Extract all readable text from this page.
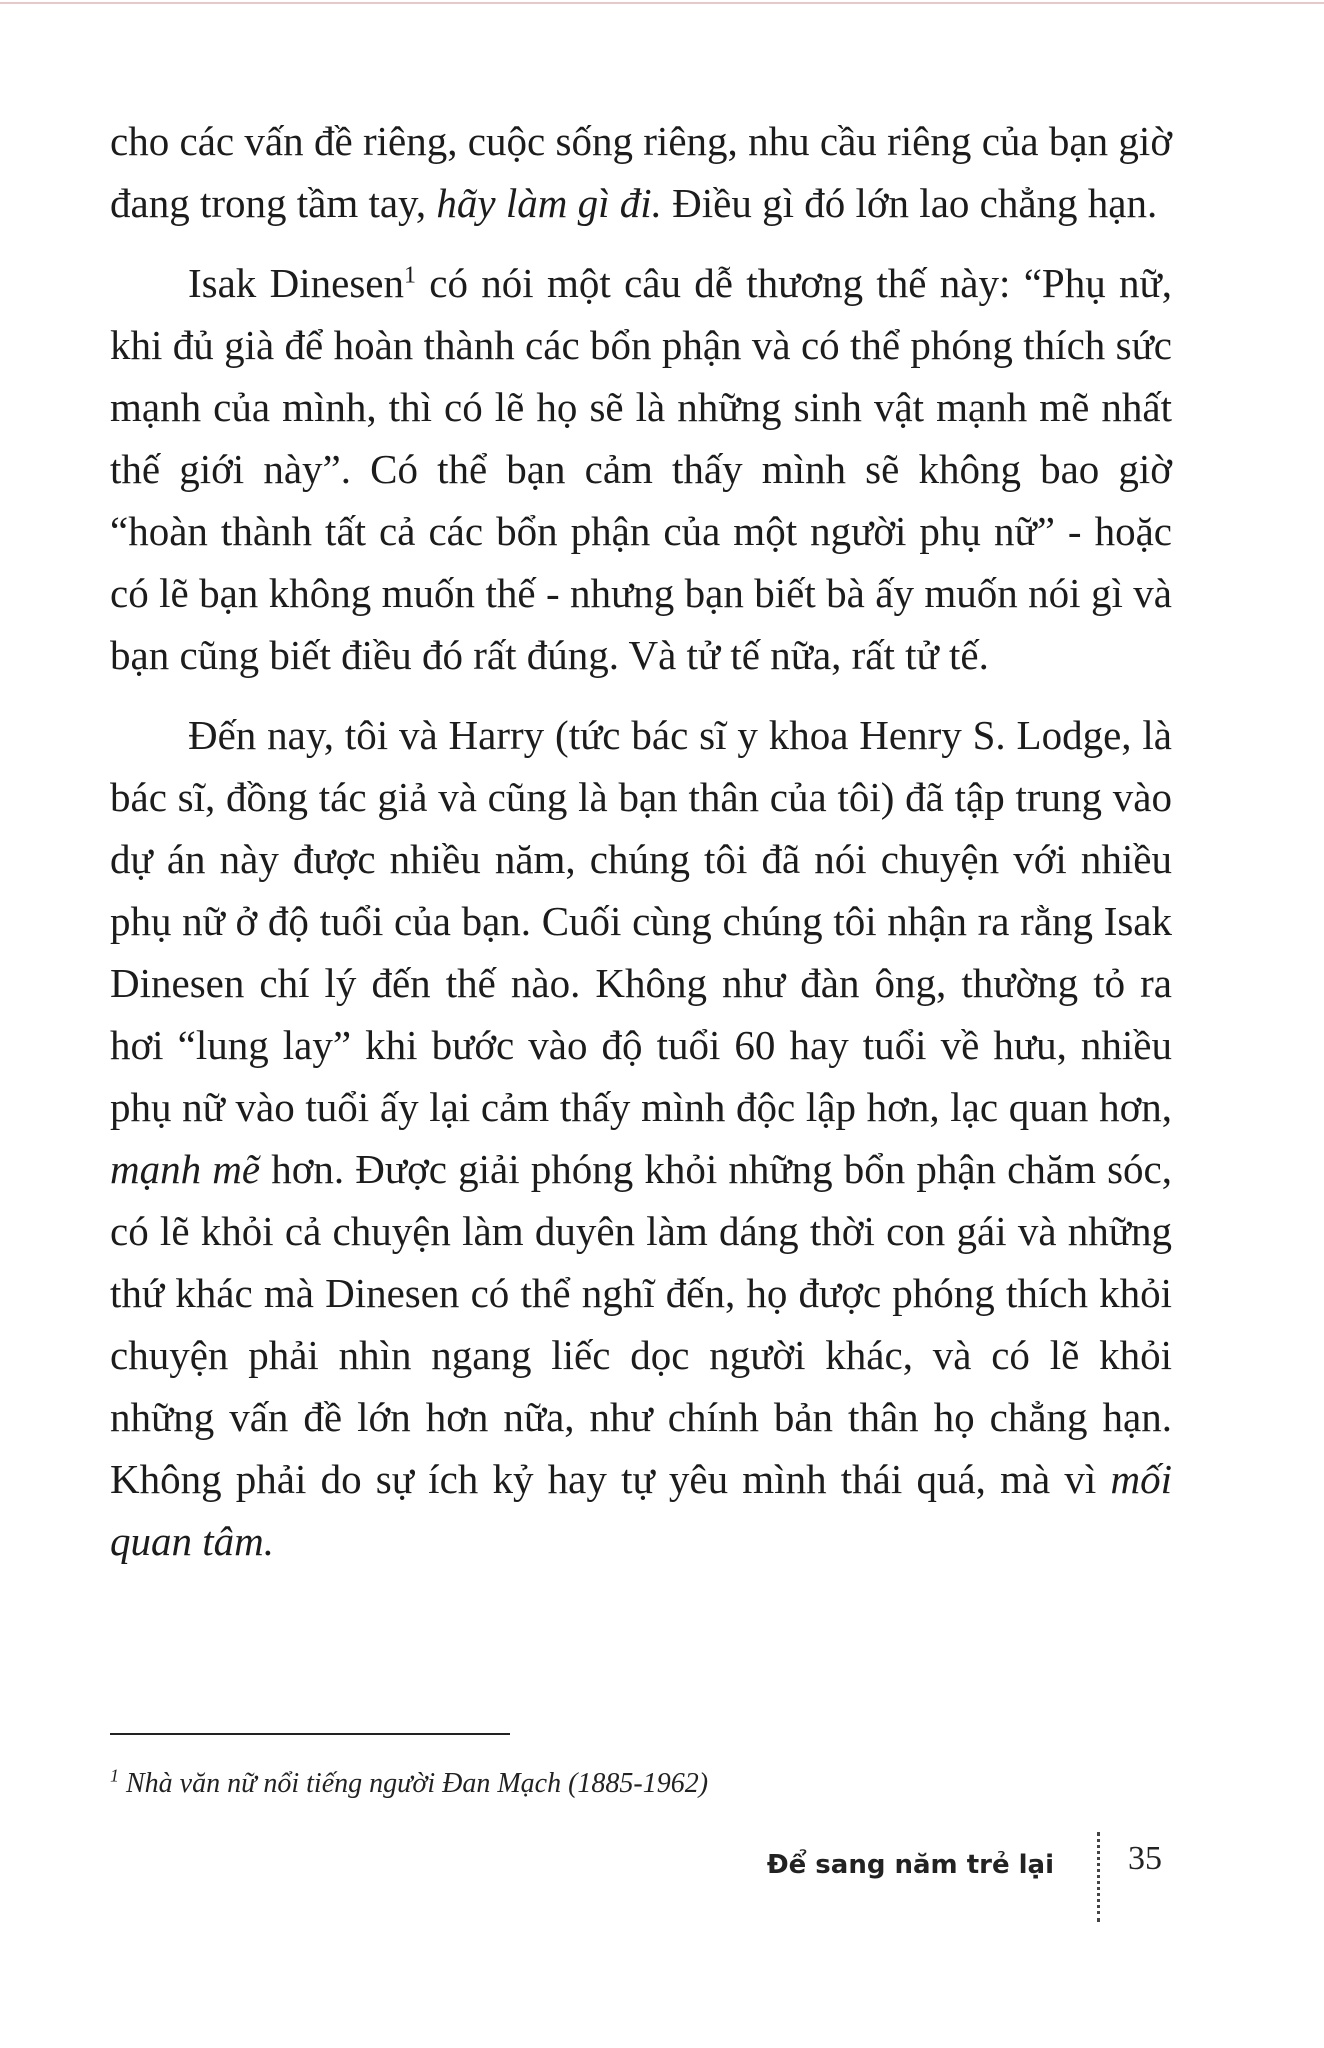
cho các vấn đề riêng, cuộc sống riêng, nhu cầu riêng của bạn giờ đang trong tầm tay, hãy làm gì đi. Điều gì đó lớn lao chẳng hạn.

Isak Dinesen$^1$ có nói một câu dễ thương thế này: “Phụ nữ, khi đủ già để hoàn thành các bổn phận và có thể phóng thích sức mạnh của mình, thì có lẽ họ sẽ là những sinh vật mạnh mẽ nhất thế giới này”. Có thể bạn cảm thấy mình sẽ không bao giờ “hoàn thành tất cả các bổn phận của một người phụ nữ” - hoặc có lẽ bạn không muốn thế - nhưng bạn biết bà ấy muốn nói gì và bạn cũng biết điều đó rất đúng. Và tử tế nữa, rất tử tế.

Đến nay, tôi và Harry (tức bác sĩ y khoa Henry S. Lodge, là bác sĩ, đồng tác giả và cũng là bạn thân của tôi) đã tập trung vào dự án này được nhiều năm, chúng tôi đã nói chuyện với nhiều phụ nữ ở độ tuổi của bạn. Cuối cùng chúng tôi nhận ra rằng Isak Dinesen chí lý đến thế nào. Không như đàn ông, thường tỏ ra hơi “lung lay” khi bước vào độ tuổi 60 hay tuổi về hưu, nhiều phụ nữ vào tuổi ấy lại cảm thấy mình độc lập hơn, lạc quan hơn, mạnh mẽ hơn. Được giải phóng khỏi những bổn phận chăm sóc, có lẽ khỏi cả chuyện làm duyên làm dáng thời con gái và những thứ khác mà Dinesen có thể nghĩ đến, họ được phóng thích khỏi chuyện phải nhìn ngang liếc dọc người khác, và có lẽ khỏi những vấn đề lớn hơn nữa, như chính bản thân họ chẳng hạn. Không phải do sự ích kỷ hay tự yêu mình thái quá, mà vì mối quan tâm.

$^1$ Nhà văn nữ nổi tiếng người Đan Mạch (1885-1962)
Để sang năm trẻ lại 35
